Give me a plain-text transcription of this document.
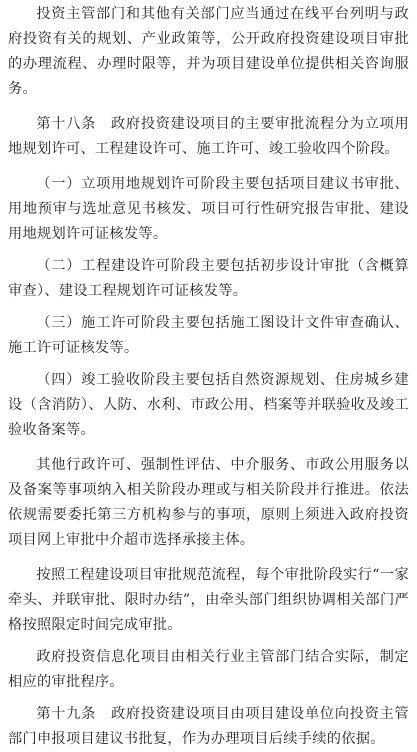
投资主管部门和其他有关部门应当通过在线平台列明与政府投资有关的规划、产业政策等，公开政府投资建设项目审批的办理流程、办理时限等，并为项目建设单位提供相关咨询服务。

第十八条　政府投资建设项目的主要审批流程分为立项用地规划许可、工程建设许可、施工许可、竣工验收四个阶段。

（一）立项用地规划许可阶段主要包括项目建议书审批、用地预审与选址意见书核发、项目可行性研究报告审批、建设用地规划许可证核发等。

（二）工程建设许可阶段主要包括初步设计审批（含概算审查）、建设工程规划许可证核发等。

（三）施工许可阶段主要包括施工图设计文件审查确认、施工许可证核发等。

（四）竣工验收阶段主要包括自然资源规划、住房城乡建设（含消防）、人防、水利、市政公用、档案等并联验收及竣工验收备案等。

其他行政许可、强制性评估、中介服务、市政公用服务以及备案等事项纳入相关阶段办理或与相关阶段并行推进。依法依规需要委托第三方机构参与的事项，原则上须进入政府投资项目网上审批中介超市选择承接主体。

按照工程建设项目审批规范流程，每个审批阶段实行“一家牵头、并联审批、限时办结”，由牵头部门组织协调相关部门严格按照限定时间完成审批。

政府投资信息化项目由相关行业主管部门结合实际，制定相应的审批程序。

第十九条　政府投资建设项目由项目建设单位向投资主管部门申报项目建议书批复，作为办理项目后续手续的依据。
